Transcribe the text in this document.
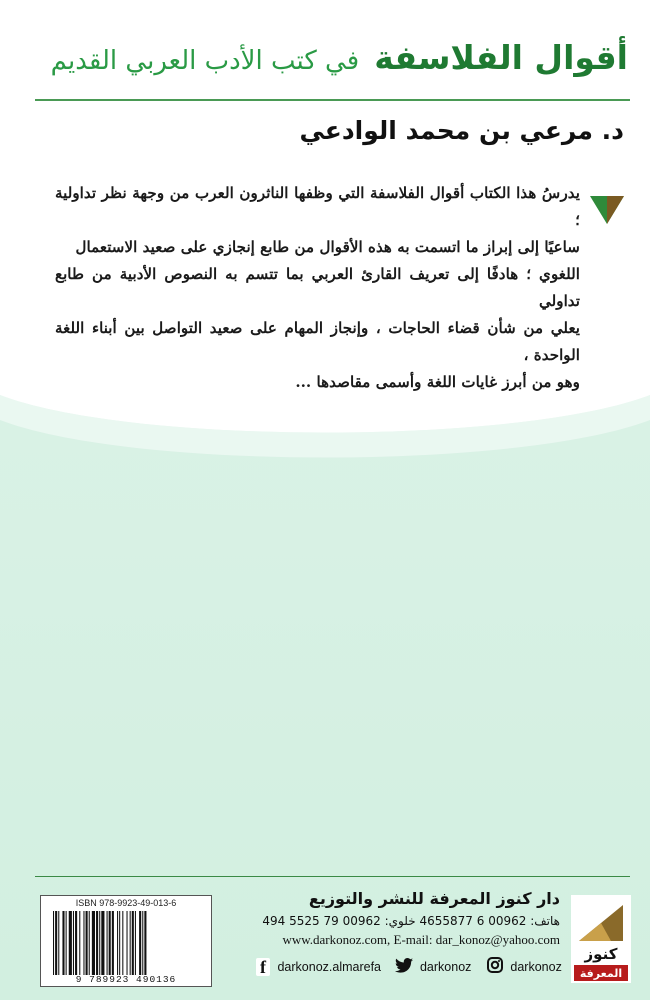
أقوال الفلاسفة في كتب الأدب العربي القديم
د. مرعي بن محمد الوادعي
يدرسُ هذا الكتاب أقوال الفلاسفة التي وظفها الناثرون العرب من وجهة نظر تداولية ؛
ساعيًا إلى إبراز ما اتسمت به هذه الأقوال من طابع إنجازي على صعيد الاستعمال
اللغوي ؛ هادفًا إلى تعريف القارئ العربي بما تتسم به النصوص الأدبية من طابع تداولي
يعلي من شأن قضاء الحاجات ، وإنجاز المهام على صعيد التواصل بين أبناء اللغة الواحدة ،
وهو من أبرز غايات اللغة وأسمى مقاصدها ...
ISBN 978-9923-49-013-6
9 789923 490136
دار كنوز المعرفة للنشر والتوزيع
هاتف: 00962 6 4655877 خلوي: 00962 79 5525 494
www.darkonoz.com, E-mail: dar_konoz@yahoo.com
f darkonoz.almarefa	darkonoz	darkonoz
كنوز
المعرفة
